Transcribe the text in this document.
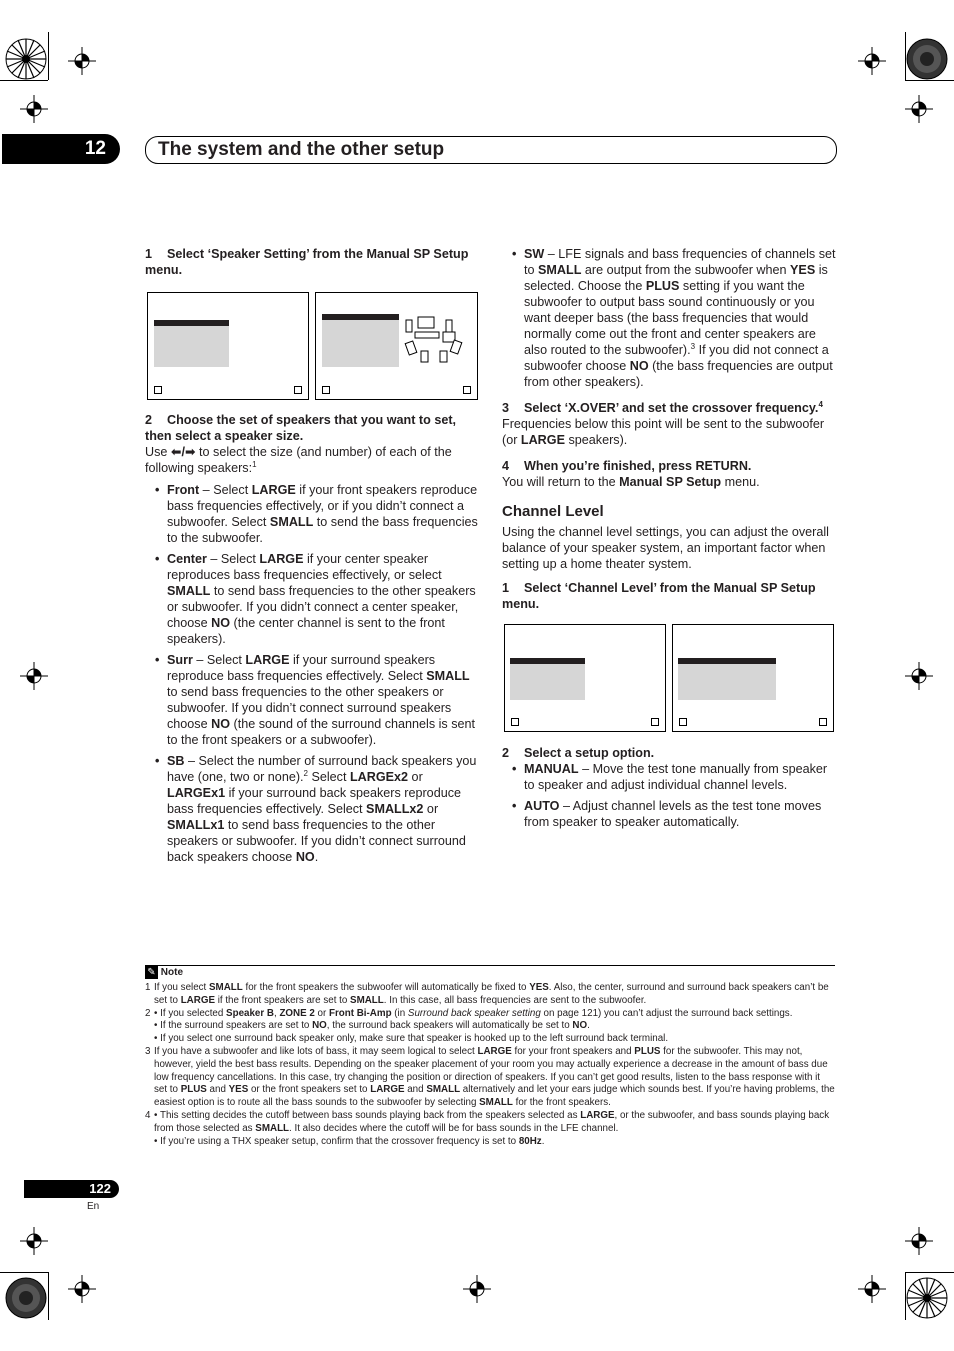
12	The system and the other setup

1 Select ‘Speaker Setting’ from the Manual SP Setup menu.

2 Choose the set of speakers that you want to set, then select a speaker size.

Use ⬅/➡ to select the size (and number) of each of the following speakers:$^1$

• Front – Select LARGE if your front speakers reproduce bass frequencies effectively, or if you didn’t connect a subwoofer. Select SMALL to send the bass frequencies to the subwoofer.
• Center – Select LARGE if your center speaker reproduces bass frequencies effectively, or select SMALL to send bass frequencies to the other speakers or subwoofer. If you didn’t connect a center speaker, choose NO (the center channel is sent to the front speakers).
• Surr – Select LARGE if your surround speakers reproduce bass frequencies effectively. Select SMALL to send bass frequencies to the other speakers or subwoofer. If you didn’t connect surround speakers choose NO (the sound of the surround channels is sent to the front speakers or a subwoofer).
• SB – Select the number of surround back speakers you have (one, two or none).$^2$ Select LARGEx2 or LARGEx1 if your surround back speakers reproduce bass frequencies effectively. Select SMALLx2 or SMALLx1 to send bass frequencies to the other speakers or subwoofer. If you didn’t connect surround back speakers choose NO.
• SW – LFE signals and bass frequencies of channels set to SMALL are output from the subwoofer when YES is selected. Choose the PLUS setting if you want the subwoofer to output bass sound continuously or you want deeper bass (the bass frequencies that would normally come out the front and center speakers are also routed to the subwoofer).$^3$ If you did not connect a subwoofer choose NO (the bass frequencies are output from other speakers).

3 Select ‘X.OVER’ and set the crossover frequency.$^4$

Frequencies below this point will be sent to the subwoofer (or LARGE speakers).

4 When you’re finished, press RETURN.

You will return to the Manual SP Setup menu.

Channel Level

Using the channel level settings, you can adjust the overall balance of your speaker system, an important factor when setting up a home theater system.

1 Select ‘Channel Level’ from the Manual SP Setup menu.

2 Select a setup option.

• MANUAL – Move the test tone manually from speaker to speaker and adjust individual channel levels.
• AUTO – Adjust channel levels as the test tone moves from speaker to speaker automatically.
✎ Note
1 If you select SMALL for the front speakers the subwoofer will automatically be fixed to YES. Also, the center, surround and surround back speakers can’t be set to LARGE if the front speakers are set to SMALL. In this case, all bass frequencies are sent to the subwoofer.
2 • If you selected Speaker B, ZONE 2 or Front Bi-Amp (in Surround back speaker setting on page 121) you can’t adjust the surround back settings.
• If the surround speakers are set to NO, the surround back speakers will automatically be set to NO.
• If you select one surround back speaker only, make sure that speaker is hooked up to the left surround back terminal.
3 If you have a subwoofer and like lots of bass, it may seem logical to select LARGE for your front speakers and PLUS for the subwoofer. This may not, however, yield the best bass results. Depending on the speaker placement of your room you may actually experience a decrease in the amount of bass due low frequency cancellations. In this case, try changing the position or direction of speakers. If you can’t get good results, listen to the bass response with it set to PLUS and YES or the front speakers set to LARGE and SMALL alternatively and let your ears judge which sounds best. If you’re having problems, the easiest option is to route all the bass sounds to the subwoofer by selecting SMALL for the front speakers.
4 • This setting decides the cutoff between bass sounds playing back from the speakers selected as LARGE, or the subwoofer, and bass sounds playing back from those selected as SMALL. It also decides where the cutoff will be for bass sounds in the LFE channel.
• If you’re using a THX speaker setup, confirm that the crossover frequency is set to 80Hz.
122
En
